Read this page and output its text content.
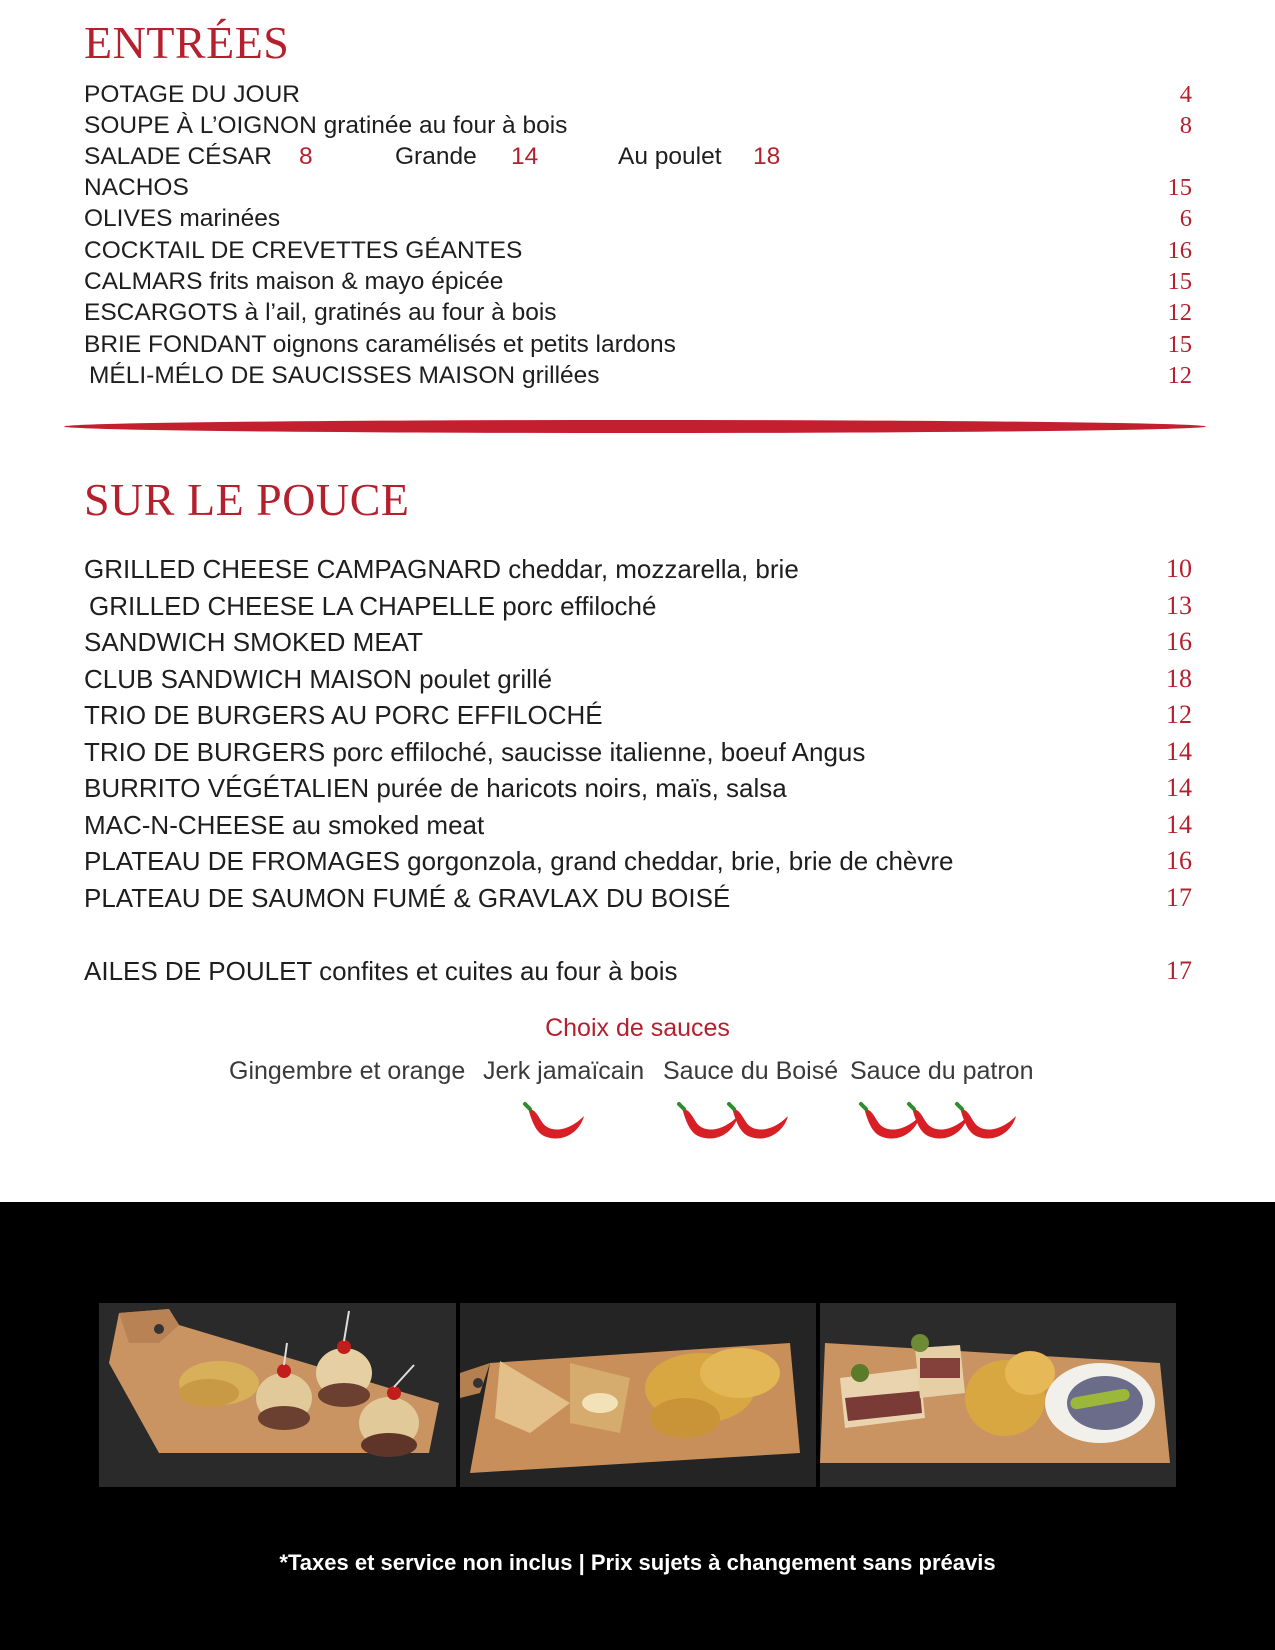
ENTRÉES
POTAGE DU JOUR	4
SOUPE À L’OIGNON gratinée au four à bois	8
SALADE CÉSAR 8	Grande 14	Au poulet 18
NACHOS	15
OLIVES marinées	6
COCKTAIL DE CREVETTES GÉANTES	16
CALMARS frits maison & mayo épicée	15
ESCARGOTS à l’ail, gratinés au four à bois	12
BRIE FONDANT oignons caramélisés et petits lardons	15
MÉLI-MÉLO DE SAUCISSES MAISON grillées	12
SUR LE POUCE
GRILLED CHEESE CAMPAGNARD cheddar, mozzarella, brie	10
GRILLED CHEESE LA CHAPELLE porc effiloché	13
SANDWICH SMOKED MEAT	16
CLUB SANDWICH MAISON poulet grillé	18
TRIO DE BURGERS AU PORC EFFILOCHÉ	12
TRIO DE BURGERS porc effiloché, saucisse italienne, boeuf Angus	14
BURRITO VÉGÉTALIEN purée de haricots noirs, maïs, salsa	14
MAC-N-CHEESE au smoked meat	14
PLATEAU DE FROMAGES gorgonzola, grand cheddar, brie, brie de chèvre	16
PLATEAU DE SAUMON FUMÉ & GRAVLAX DU BOISÉ	17
AILES DE POULET confites et cuites au four à bois	17
Choix de sauces
Gingembre et orange Jerk jamaïcain Sauce du Boisé Sauce du patron
*Taxes et service non inclus | Prix sujets à changement sans préavis
